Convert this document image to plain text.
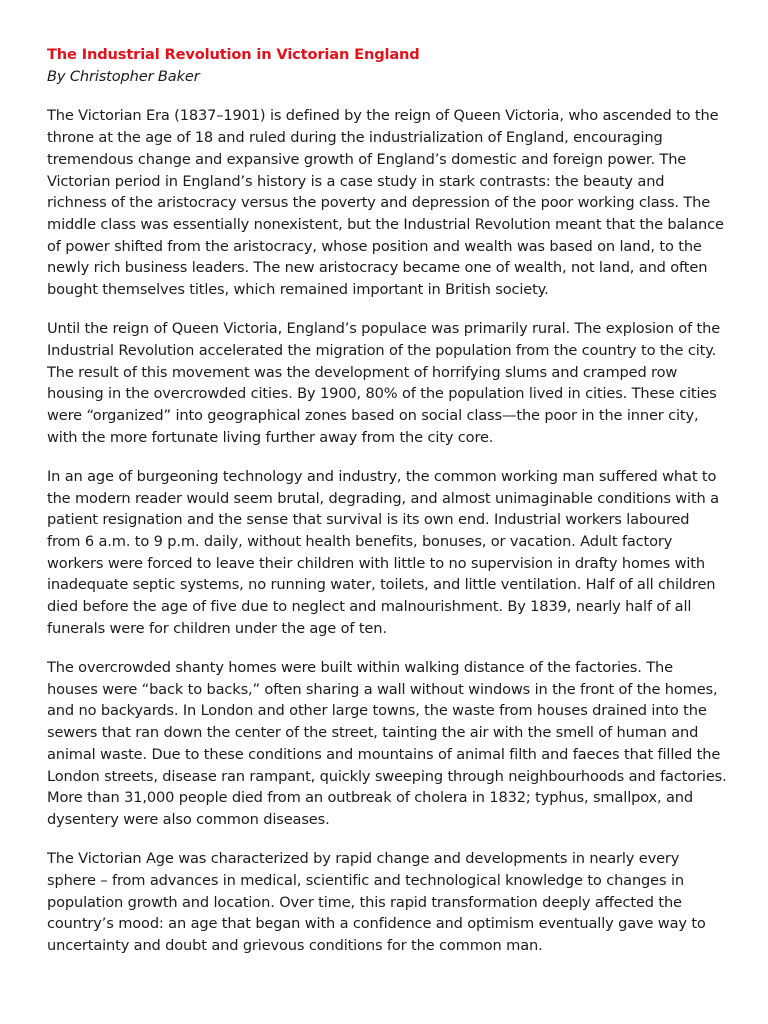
The Industrial Revolution in Victorian England

By Christopher Baker

The Victorian Era (1837–1901) is defined by the reign of Queen Victoria, who ascended to the throne at the age of 18 and ruled during the industrialization of England, encouraging tremendous change and expansive growth of England’s domestic and foreign power. The Victorian period in England’s history is a case study in stark contrasts: the beauty and richness of the aristocracy versus the poverty and depression of the poor working class. The middle class was essentially nonexistent, but the Industrial Revolution meant that the balance of power shifted from the aristocracy, whose position and wealth was based on land, to the newly rich business leaders. The new aristocracy became one of wealth, not land, and often bought themselves titles, which remained important in British society.

Until the reign of Queen Victoria, England’s populace was primarily rural. The explosion of the Industrial Revolution accelerated the migration of the population from the country to the city. The result of this movement was the development of horrifying slums and cramped row housing in the overcrowded cities. By 1900, 80% of the population lived in cities. These cities were “organized” into geographical zones based on social class—the poor in the inner city, with the more fortunate living further away from the city core.

In an age of burgeoning technology and industry, the common working man suffered what to the modern reader would seem brutal, degrading, and almost unimaginable conditions with a patient resignation and the sense that survival is its own end. Industrial workers laboured from 6 a.m. to 9 p.m. daily, without health benefits, bonuses, or vacation. Adult factory workers were forced to leave their children with little to no supervision in drafty homes with inadequate septic systems, no running water, toilets, and little ventilation. Half of all children died before the age of five due to neglect and malnourishment. By 1839, nearly half of all funerals were for children under the age of ten.

The overcrowded shanty homes were built within walking distance of the factories. The houses were “back to backs,” often sharing a wall without windows in the front of the homes, and no backyards. In London and other large towns, the waste from houses drained into the sewers that ran down the center of the street, tainting the air with the smell of human and animal waste. Due to these conditions and mountains of animal filth and faeces that filled the London streets, disease ran rampant, quickly sweeping through neighbourhoods and factories. More than 31,000 people died from an outbreak of cholera in 1832; typhus, smallpox, and dysentery were also common diseases.

The Victorian Age was characterized by rapid change and developments in nearly every sphere – from advances in medical, scientific and technological knowledge to changes in population growth and location. Over time, this rapid transformation deeply affected the country’s mood: an age that began with a confidence and optimism eventually gave way to uncertainty and doubt and grievous conditions for the common man.
